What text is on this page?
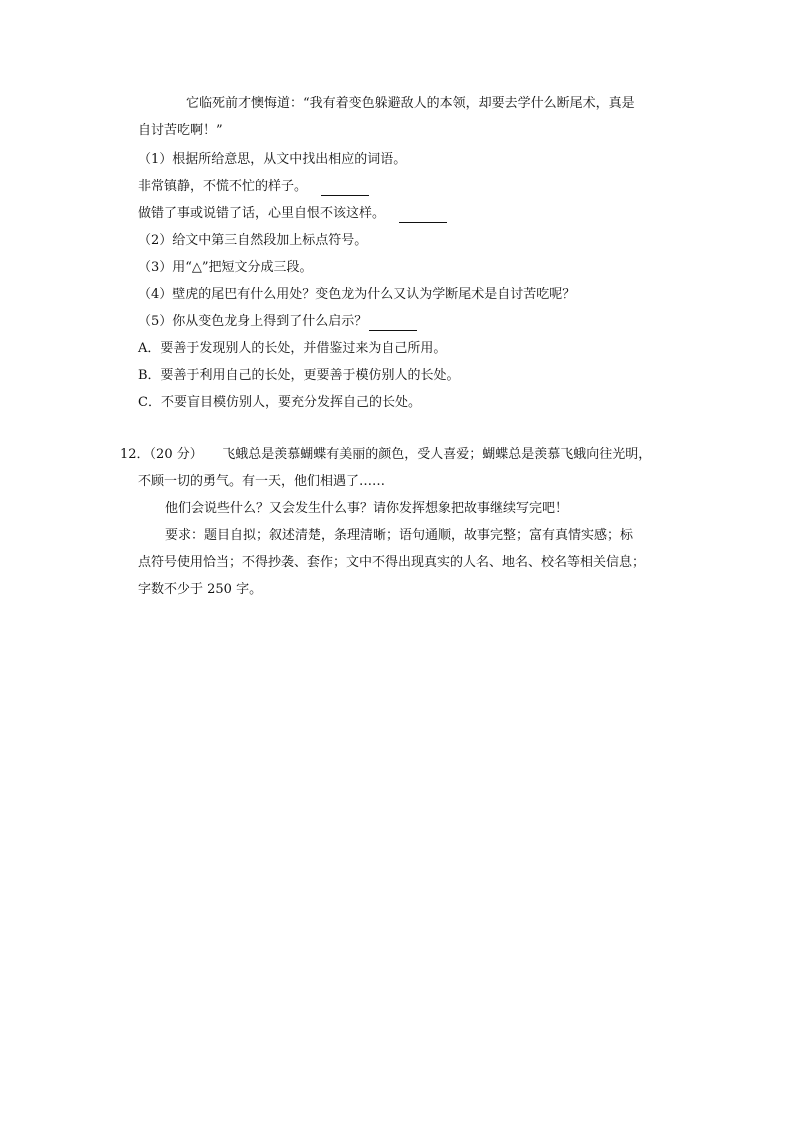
它临死前才懊悔道：“我有着变色躲避敌人的本领，却要去学什么断尾术，真是
自讨苦吃啊！”
（1）根据所给意思，从文中找出相应的词语。
非常镇静，不慌不忙的样子。
做错了事或说错了话，心里自恨不该这样。
（2）给文中第三自然段加上标点符号。
（3）用“△”把短文分成三段。
（4）壁虎的尾巴有什么用处？变色龙为什么又认为学断尾术是自讨苦吃呢？
（5）你从变色龙身上得到了什么启示？
A．要善于发现别人的长处，并借鉴过来为自己所用。
B．要善于利用自己的长处，更要善于模仿别人的长处。
C．不要盲目模仿别人，要充分发挥自己的长处。
12．（20 分）　　飞蛾总是羡慕蝴蝶有美丽的颜色，受人喜爱；蝴蝶总是羡慕飞蛾向往光明，
不顾一切的勇气。有一天，他们相遇了……
他们会说些什么？又会发生什么事？请你发挥想象把故事继续写完吧！
要求：题目自拟；叙述清楚，条理清晰；语句通顺，故事完整；富有真情实感；标
点符号使用恰当；不得抄袭、套作；文中不得出现真实的人名、地名、校名等相关信息；
字数不少于 250 字。
